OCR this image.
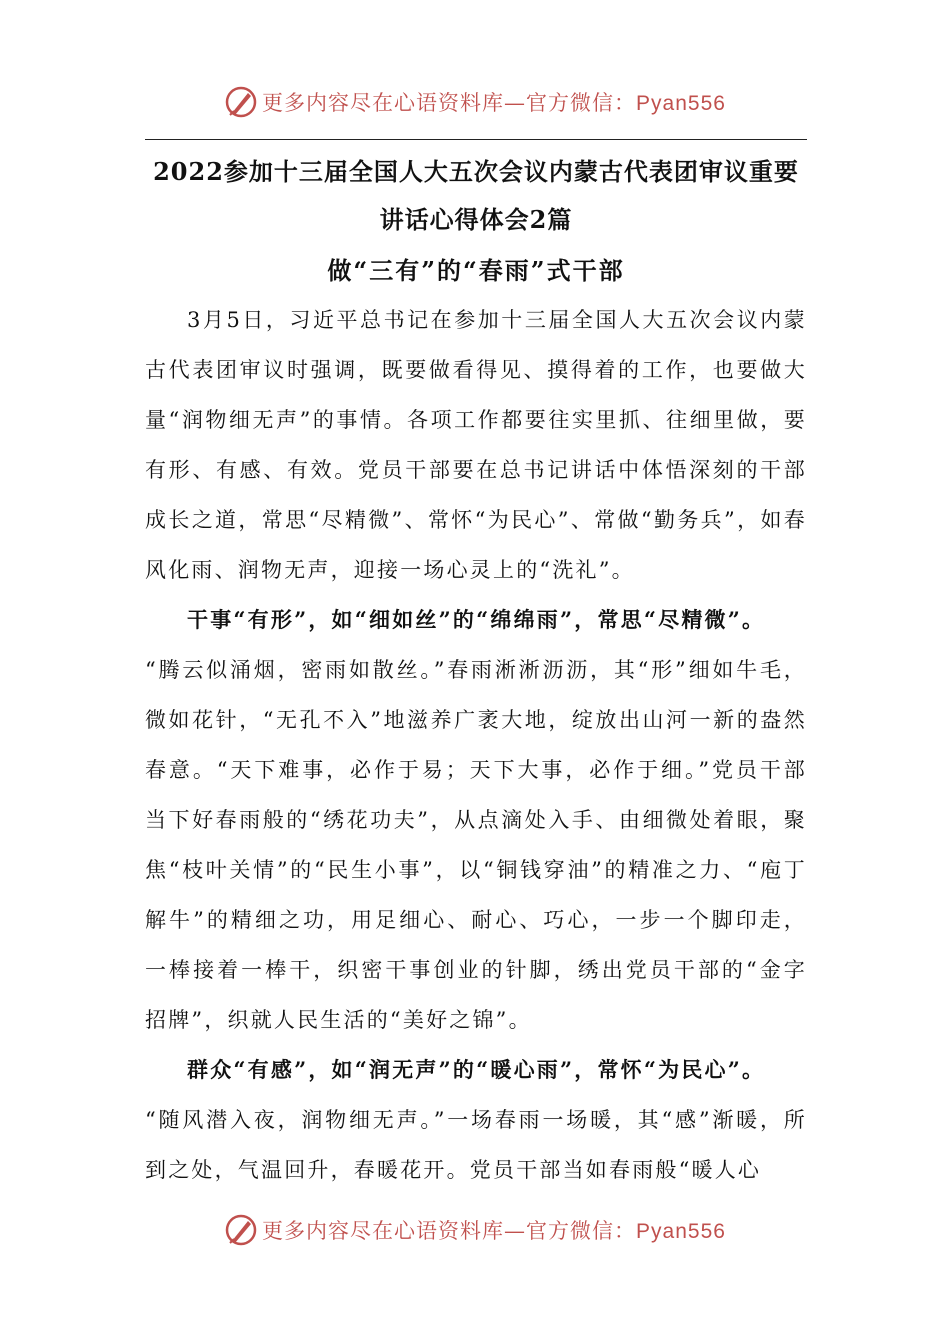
更多内容尽在心语资料库—官方微信：Pyan556
2022参加十三届全国人大五次会议内蒙古代表团审议重要
讲话心得体会2篇
做“三有”的“春雨”式干部

3月5日，习近平总书记在参加十三届全国人大五次会议内蒙古代表团审议时强调，既要做看得见、摸得着的工作，也要做大量“润物细无声”的事情。各项工作都要往实里抓、往细里做，要有形、有感、有效。党员干部要在总书记讲话中体悟深刻的干部成长之道，常思“尽精微”、常怀“为民心”、常做“勤务兵”，如春风化雨、润物无声，迎接一场心灵上的“洗礼”。

干事“有形”，如“细如丝”的“绵绵雨”，常思“尽精微”。

“腾云似涌烟，密雨如散丝。”春雨淅淅沥沥，其“形”细如牛毛，微如花针，“无孔不入”地滋养广袤大地，绽放出山河一新的盎然春意。“天下难事，必作于易；天下大事，必作于细。”党员干部当下好春雨般的“绣花功夫”，从点滴处入手、由细微处着眼，聚焦“枝叶关情”的“民生小事”，以“铜钱穿油”的精准之力、“庖丁解牛”的精细之功，用足细心、耐心、巧心，一步一个脚印走，一棒接着一棒干，织密干事创业的针脚，绣出党员干部的“金字招牌”，织就人民生活的“美好之锦”。

群众“有感”，如“润无声”的“暖心雨”，常怀“为民心”。

“随风潜入夜，润物细无声。”一场春雨一场暖，其“感”渐暖，所到之处，气温回升，春暖花开。党员干部当如春雨般“暖人心

更多内容尽在心语资料库—官方微信：Pyan556
